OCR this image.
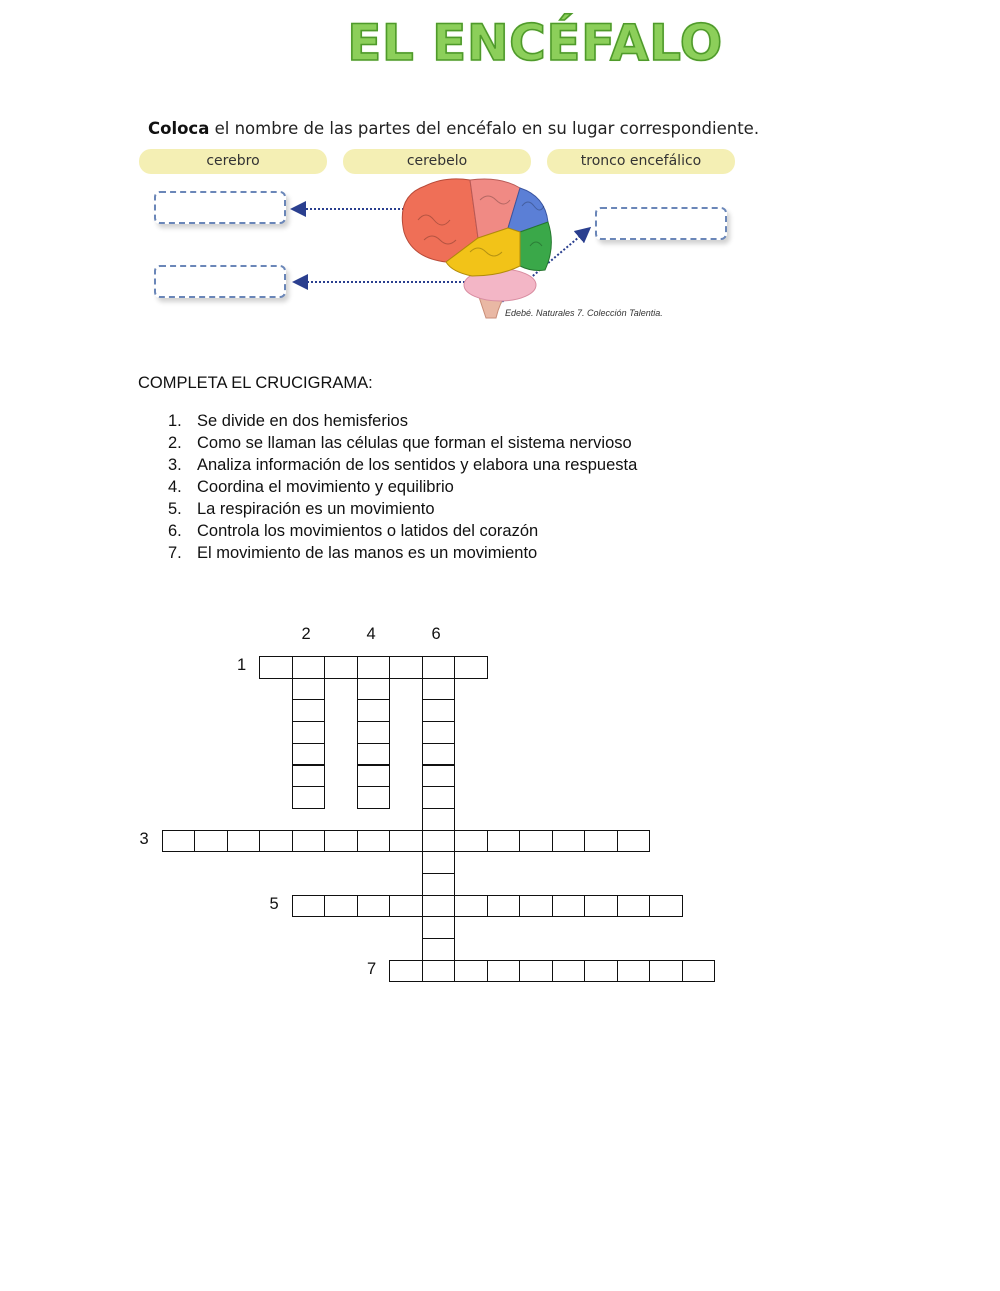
EL ENCÉFALO
Coloca el nombre de las partes del encéfalo en su lugar correspondiente.
cerebro	cerebelo	tronco encefálico
Edebé. Naturales 7. Colección Talentia.
COMPLETA EL CRUCIGRAMA:
1. Se divide en dos hemisferios
2. Como se llaman las células que forman el sistema nervioso
3. Analiza información de los sentidos y elabora una respuesta
4. Coordina el movimiento y equilibrio
5. La respiración es un movimiento
6. Controla los movimientos o latidos del corazón
7. El movimiento de las manos es un movimiento
1
2
3
4
5
6
7
